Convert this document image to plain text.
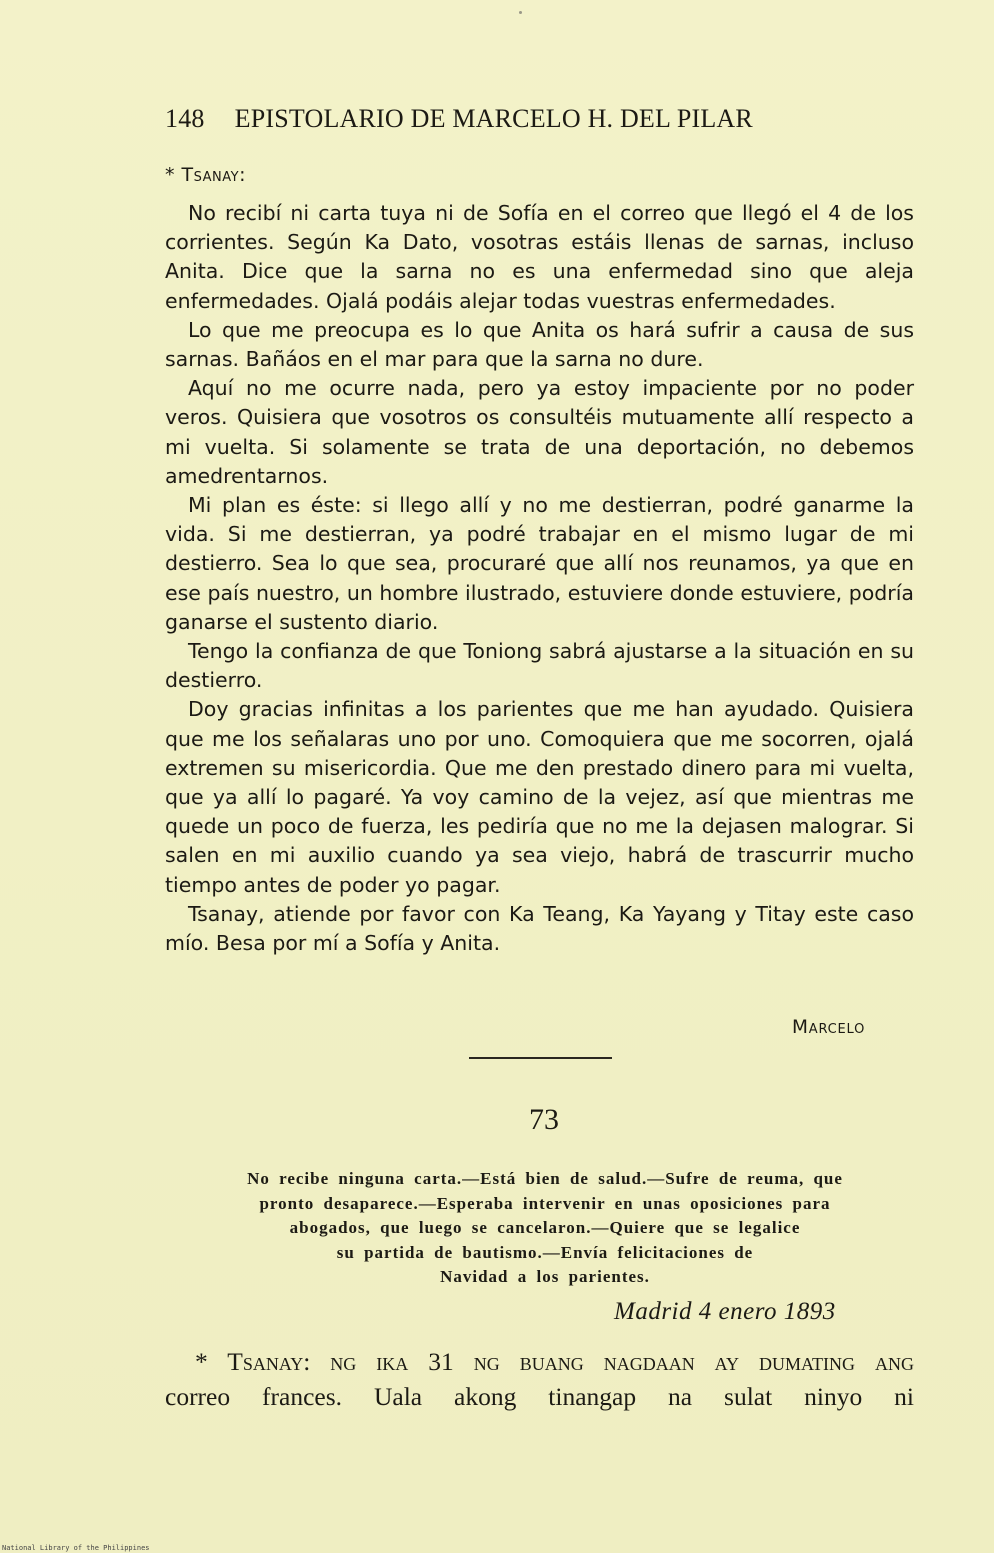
148 EPISTOLARIO DE MARCELO H. DEL PILAR
* Tsanay:

No recibí ni carta tuya ni de Sofía en el correo que llegó el 4 de los corrientes. Según Ka Dato, vosotras estáis llenas de sarnas, incluso Anita. Dice que la sarna no es una enfermedad sino que aleja enfermedades. Ojalá podáis alejar todas vuestras enfermedades.

Lo que me preocupa es lo que Anita os hará sufrir a causa de sus sarnas. Bañáos en el mar para que la sarna no dure.

Aquí no me ocurre nada, pero ya estoy impaciente por no poder veros. Quisiera que vosotros os consultéis mutuamente allí respecto a mi vuelta. Si solamente se trata de una deportación, no debemos amedrentarnos.

Mi plan es éste: si llego allí y no me destierran, podré ganarme la vida. Si me destierran, ya podré trabajar en el mismo lugar de mi destierro. Sea lo que sea, procuraré que allí nos reunamos, ya que en ese país nuestro, un hombre ilustrado, estuviere donde estuviere, podría ganarse el sustento diario.

Tengo la confianza de que Toniong sabrá ajustarse a la situación en su destierro.

Doy gracias infinitas a los parientes que me han ayudado. Quisiera que me los señalaras uno por uno. Comoquiera que me socorren, ojalá extremen su misericordia. Que me den prestado dinero para mi vuelta, que ya allí lo pagaré. Ya voy camino de la vejez, así que mientras me quede un poco de fuerza, les pediría que no me la dejasen malograr. Si salen en mi auxilio cuando ya sea viejo, habrá de trascurrir mucho tiempo antes de poder yo pagar.

Tsanay, atiende por favor con Ka Teang, Ka Yayang y Titay este caso mío. Besa por mí a Sofía y Anita.

Marcelo
73
No recibe ninguna carta.—Está bien de salud.—Sufre de reuma, que
pronto desaparece.—Esperaba intervenir en unas oposiciones para
abogados, que luego se cancelaron.—Quiere que se legalice
su partida de bautismo.—Envía felicitaciones de
Navidad a los parientes.
Madrid 4 enero 1893
* Tsanay: ng ika 31 ng buang nagdaan ay dumating ang
correo frances. Uala akong tinangap na sulat ninyo ni
National Library of the Philippines
